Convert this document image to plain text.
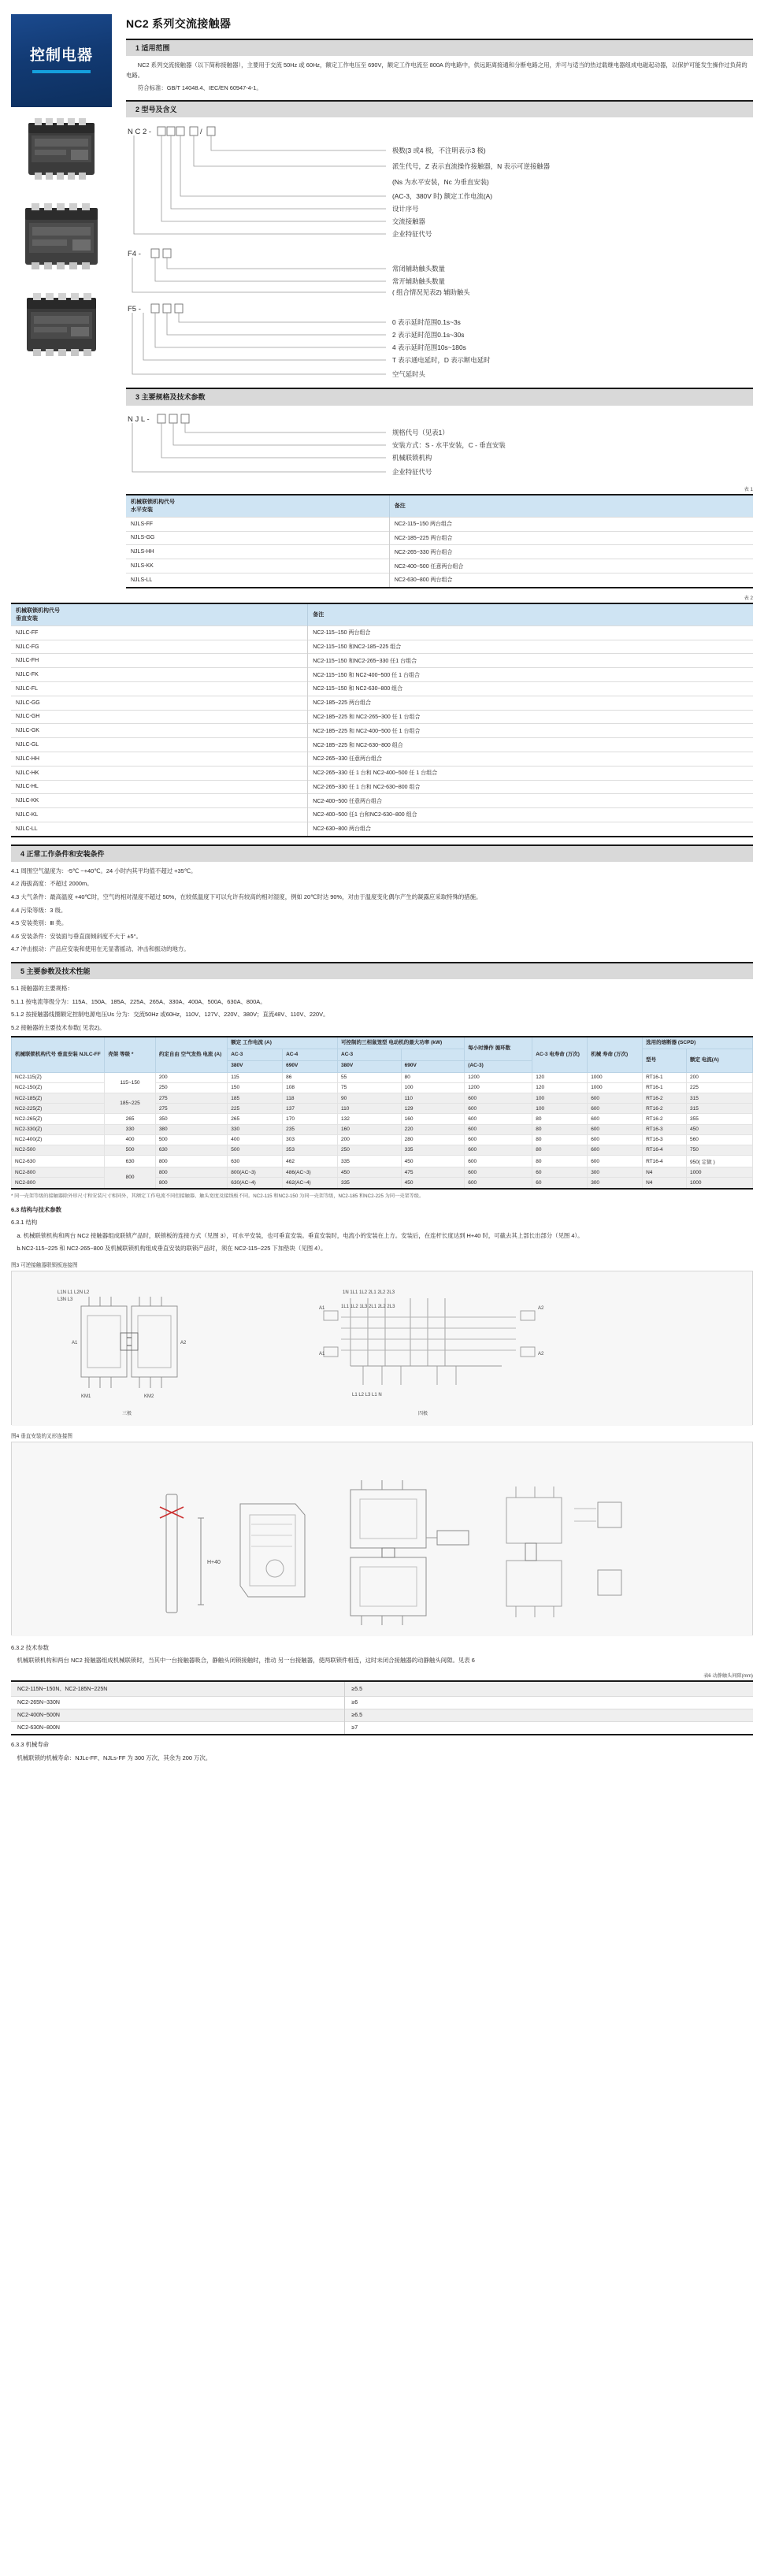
控制电器
NC2 系列交流接触器
1 适用范围

NC2 系列交流接触器（以下简称接触器），主要用于交流 50Hz 或 60Hz，额定工作电压至 690V，额定工作电流至 800A 的电路中，供远距离接通和分断电路之用，并可与适当的热过载继电器组成电磁起动器，以保护可能发生操作过负荷的电路。

符合标准：GB/T 14048.4、IEC/EN 60947-4-1。

2 型号及含义
N C 2 -	/
极数(3 或4 极，不注明表示3 极)
派生代号，Z 表示直流操作接触器，N 表示可逆接触器
(Ns 为水平安装，Nc 为垂直安装)
(AC-3，380V 时) 额定工作电流(A)
设计序号
交流接触器
企业特征代号
F4 -
常闭辅助触头数量
常开辅助触头数量
( 组合情况见表2) 辅助触头
F5 -
0 表示延时范围0.1s~3s
2 表示延时范围0.1s~30s
4 表示延时范围10s~180s
T 表示通电延时，D 表示断电延时
空气延时头
3 主要规格及技术参数
N J L -
规格代号（见表1）
安装方式：S - 水平安装，C - 垂直安装
机械联锁机构
企业特征代号
表 1
机械联锁机构代号
水平安装	备注
NJLS-FF	NC2-115~150 两台组合
NJLS-GG	NC2-185~225 两台组合
NJLS-HH	NC2-265~330 两台组合
NJLS-KK	NC2-400~500 任意两台组合
NJLS-LL	NC2-630~800 两台组合
表 2
机械联锁机构代号
垂直安装	备注
NJLC-FF	NC2-115~150 两台组合
NJLC-FG	NC2-115~150 和NC2-185~225 组合
NJLC-FH	NC2-115~150 和NC2-265~330 任1 台组合
NJLC-FK	NC2-115~150 和 NC2-400~500 任 1 台组合
NJLC-FL	NC2-115~150 和 NC2-630~800 组合
NJLC-GG	NC2-185~225 两台组合
NJLC-GH	NC2-185~225 和 NC2-265~300 任 1 台组合
NJLC-GK	NC2-185~225 和 NC2-400~500 任 1 台组合
NJLC-GL	NC2-185~225 和 NC2-630~800 组合
NJLC-HH	NC2-265~330 任意两台组合
NJLC-HK	NC2-265~330 任 1 台和 NC2-400~500 任 1 台组合
NJLC-HL	NC2-265~330 任 1 台和 NC2-630~800 组合
NJLC-KK	NC2-400~500 任意两台组合
NJLC-KL	NC2-400~500 任1 台和NC2-630~800 组合
NJLC-LL	NC2-630~800 两台组合
4 正常工作条件和安装条件

4.1 周围空气温度为：-5℃ ~+40℃。24 小时内其平均值不超过 +35℃。

4.2 海拔高度：不超过 2000m。

4.3 大气条件：最高温度 +40℃时，空气的相对湿度不超过 50%，在较低温度下可以允许有较高的相对湿度，例如 20℃时达 90%，对由于温度变化偶尔产生的凝露应采取特殊的措施。

4.4 污染等级：3 级。

4.5 安装类别：Ⅲ 类。

4.6 安装条件：安装面与垂直面倾斜度不大于 ±5°。

4.7 冲击振动：产品应安装和使用在无显著摇动、冲击和振动的地方。

5 主要参数及技术性能

5.1 接触器的主要规格：

5.1.1 按电流等级分为：115A、150A、185A、225A、265A、330A、400A、500A、630A、800A。

5.1.2 按接触器线圈额定控制电源电压Us 分为：交流50Hz 或60Hz，110V、127V、220V、380V；直流48V、110V、220V。

5.2 接触器的主要技术参数( 见表2)。

机械联锁机构代号 垂直安装 NJLC-FF	壳架 等级 *	约定自由 空气发热 电流 (A)	额定 工作电流 (A)		可控制的三相鼠笼型 电动机的最大功率 (kW)		每小时操作 循环数	AC-3 电寿命 (万次)	机械 寿命 (万次)	选用的熔断器 (SCPD)	
			AC-3	AC-4	AC-3					型号	额定 电流(A)
			380V	690V	380V	690V	(AC-3)				
NC2-115(Z)	115~150	200	115	86	55	80	1200	120	1000	RT16-1	200
NC2-150(Z)		250	150	108	75	100	1200	120	1000	RT16-1	225
NC2-185(Z)	185~225	275	185	118	90	110	600	100	600	RT16-2	315
NC2-225(Z)		275	225	137	110	129	600	100	600	RT16-2	315
NC2-265(Z)	265	350	265	170	132	160	600	80	600	RT16-2	355
NC2-330(Z)	330	380	330	235	160	220	600	80	600	RT16-3	450
NC2-400(Z)	400	500	400	303	200	280	600	80	600	RT16-3	560
NC2-500	500	630	500	353	250	335	600	80	600	RT16-4	750
NC2-630	630	800	630	462	335	450	600	80	600	RT16-4	950( 定做 )
NC2-800	800	800	800(AC~3)	486(AC~3)	450	475	600	60	300	N4	1000
NC2-800		800	630(AC~4)	462(AC~4)	335	450	600	60	300	N4	1000
* 同一壳架等级的接触器除外形尺寸和安装尺寸相同外，其额定工作电流不同但接触器、触头宽度及接线板不同。NC2-115 和NC2-150 为同一壳架等级，NC2-185 和NC2-225 为同一壳架等级。

6.3 结构与技术参数

6.3.1 结构

a. 机械联锁机构和两台 NC2 接触器组成联锁产品时，联锁板的连接方式（见图 3），可水平安装，也可垂直安装。垂直安装时，电流小的安装在上方。安装后，在连杆长度达到 H+40 时，可截去其上部长出部分（见图 4）。

b.NC2-115~225 和 NC2-265~800 及机械联锁机构组成垂直安装的联锁产品时，须在 NC2-115~225 下加垫块（见图 4）。

图3 可逆接触器联锁板连接图
L1N L1 L2N L2
L3N L3
KM1	KM2
A1	A2
三极
1N 1L1 1L2 2L1 2L2 2L3
1L1 1L2 1L3 2L1 2L2 2L3
A1	A2
A1	A2
L1 L2 L3 L1 N
四极
图4 垂直安装的叉形连接图
H+40

6.3.2 技术参数

机械联锁机构和两台 NC2 接触器组成机械联锁时，当其中一台接触器吸合，静触头闭锁接触时，推动 另一台接触器，使两联锁件相连，这时未闭合接触器的动静触头间隙。见表 6

表6 动静触头间隙(mm)
NC2-115N~150N、NC2-185N~225N	≥5.5
NC2-265N~330N	≥6
NC2-400N~500N	≥6.5
NC2-630N~800N	≥7

6.3.3 机械寿命

机械联锁的机械寿命：NJLc-FF、NJLs-FF 为 300 万次、其余为 200 万次。
